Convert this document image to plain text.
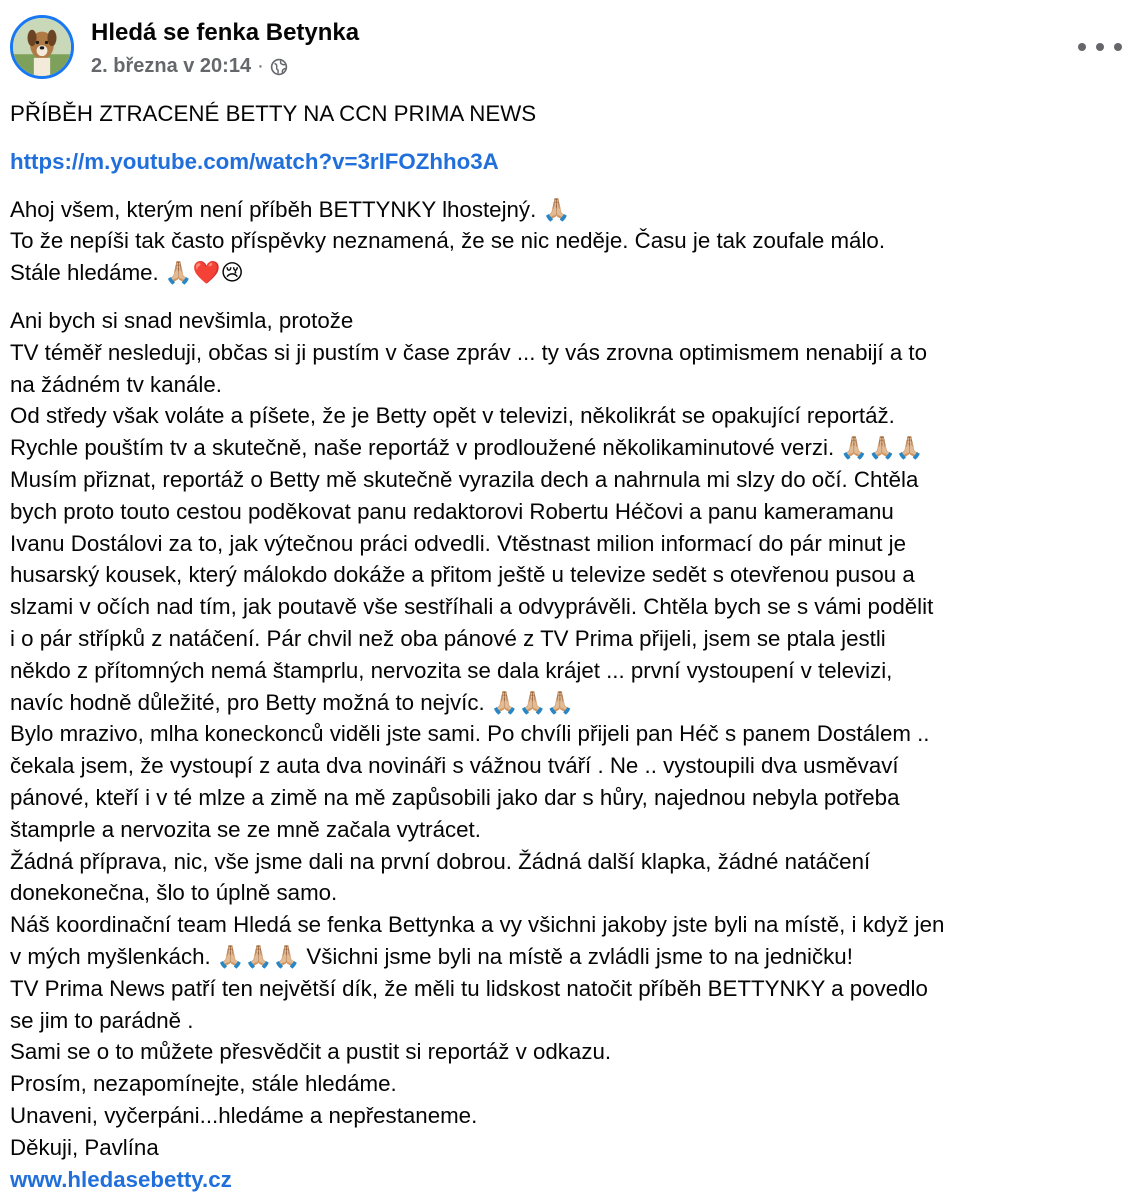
Hledá se fenka Betynka
2. března v 20:14 ·

PŘÍBĚH ZTRACENÉ BETTY NA CCN PRIMA NEWS

https://m.youtube.com/watch?v=3rlFOZhho3A

Ahoj všem, kterým není příběh BETTYNKY lhostejný. 🙏🏼

To že nepíši tak často příspěvky neznamená, že se nic neděje. Času je tak zoufale málo.

Stále hledáme. 🙏🏼❤️😢

Ani bych si snad nevšimla, protože

TV téměř nesleduji, občas si ji pustím v čase zpráv ... ty vás zrovna optimismem nenabijí a to

na žádném tv kanále.

Od středy však voláte a píšete, že je Betty opět v televizi, několikrát se opakující reportáž.

Rychle pouštím tv a skutečně, naše reportáž v prodloužené několikaminutové verzi. 🙏🏼🙏🏼🙏🏼

Musím přiznat, reportáž o Betty mě skutečně vyrazila dech a nahrnula mi slzy do očí. Chtěla

bych proto touto cestou poděkovat panu redaktorovi Robertu Héčovi a panu kameramanu

Ivanu Dostálovi za to, jak výtečnou práci odvedli. Vtěstnast milion informací do pár minut je

husarský kousek, který málokdo dokáže a přitom ještě u televize sedět s otevřenou pusou a

slzami v očích nad tím, jak poutavě vše sestříhali a odvyprávěli. Chtěla bych se s vámi podělit

i o pár střípků z natáčení. Pár chvil než oba pánové z TV Prima přijeli, jsem se ptala jestli

někdo z přítomných nemá štamprlu, nervozita se dala krájet ... první vystoupení v televizi,

navíc hodně důležité, pro Betty možná to nejvíc. 🙏🏼🙏🏼🙏🏼

Bylo mrazivo, mlha koneckonců viděli jste sami. Po chvíli přijeli pan Héč s panem Dostálem ..

čekala jsem, že vystoupí z auta dva novináři s vážnou tváří . Ne .. vystoupili dva usměvaví

pánové, kteří i v té mlze a zimě na mě zapůsobili jako dar s hůry, najednou nebyla potřeba

štamprle a nervozita se ze mně začala vytrácet.

Žádná příprava, nic, vše jsme dali na první dobrou. Žádná další klapka, žádné natáčení

donekonečna, šlo to úplně samo.

Náš koordinační team Hledá se fenka Bettynka a vy všichni jakoby jste byli na místě, i když jen

v mých myšlenkách. 🙏🏼🙏🏼🙏🏼 Všichni jsme byli na místě a zvládli jsme to na jedničku!

TV Prima News patří ten největší dík, že měli tu lidskost natočit příběh BETTYNKY a povedlo

se jim to parádně .

Sami se o to můžete přesvědčit a pustit si reportáž v odkazu.

Prosím, nezapomínejte, stále hledáme.

Unaveni, vyčerpáni...hledáme a nepřestaneme.

Děkuji, Pavlína

www.hledasebetty.cz
